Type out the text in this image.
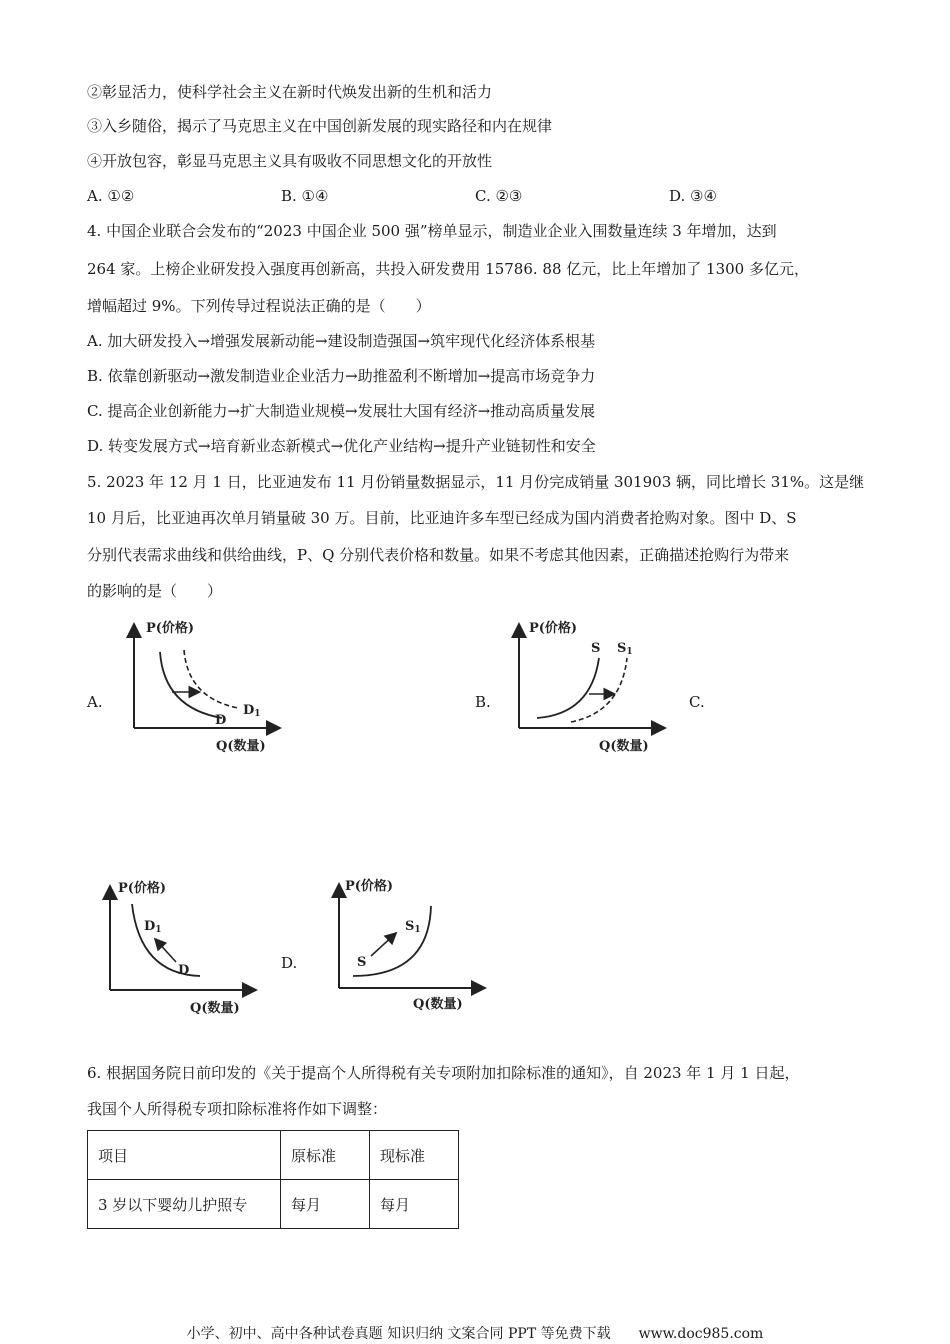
②彰显活力，使科学社会主义在新时代焕发出新的生机和活力
③入乡随俗，揭示了马克思主义在中国创新发展的现实路径和内在规律
④开放包容，彰显马克思主义具有吸收不同思想文化的开放性
A. ①②	B. ①④	C. ②③	D. ③④
4. 中国企业联合会发布的“2023 中国企业 500 强”榜单显示，制造业企业入围数量连续 3 年增加，达到
264 家。上榜企业研发投入强度再创新高，共投入研发费用 15786. 88 亿元，比上年增加了 1300 多亿元，
增幅超过 9%。下列传导过程说法正确的是（　　）
A. 加大研发投入→增强发展新动能→建设制造强国→筑牢现代化经济体系根基
B. 依靠创新驱动→激发制造业企业活力→助推盈利不断增加→提高市场竞争力
C. 提高企业创新能力→扩大制造业规模→发展壮大国有经济→推动高质量发展
D. 转变发展方式→培育新业态新模式→优化产业结构→提升产业链韧性和安全
5. 2023 年 12 月 1 日，比亚迪发布 11 月份销量数据显示，11 月份完成销量 301903 辆，同比增长 31%。这是继
10 月后，比亚迪再次单月销量破 30 万。目前，比亚迪许多车型已经成为国内消费者抢购对象。图中 D、S
分别代表需求曲线和供给曲线，P、Q 分别代表价格和数量。如果不考虑其他因素，正确描述抢购行为带来
的影响的是（　　）
A.	B.	C.
D.
P(价格)
Q(数量)
D
D1
P(价格)
Q(数量)
S S1
P(价格)
Q(数量)
D
D1
P(价格)
Q(数量)
S
S1
6. 根据国务院日前印发的《关于提高个人所得税有关专项附加扣除标准的通知》，自 2023 年 1 月 1 日起，
我国个人所得税专项扣除标准将作如下调整：
项目	原标准	现标准
3 岁以下婴幼儿护照专	每月	每月
小学、初中、高中各种试卷真题 知识归纳 文案合同 PPT 等免费下载　　www.doc985.com
